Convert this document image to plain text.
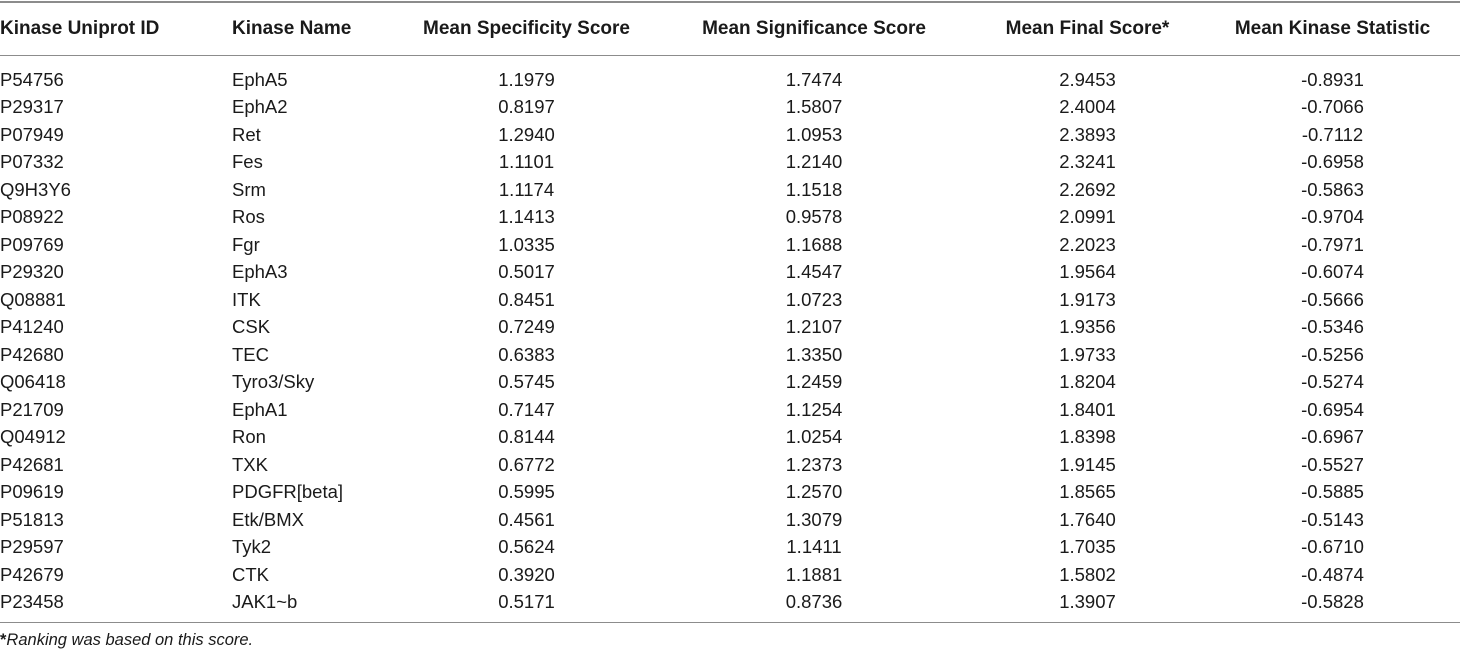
Kinase Uniprot ID	Kinase Name	Mean Specificity Score	Mean Significance Score	Mean Final Score*	Mean Kinase Statistic

P54756	EphA5	1.1979	1.7474	2.9453	-0.8931
P29317	EphA2	0.8197	1.5807	2.4004	-0.7066
P07949	Ret	1.2940	1.0953	2.3893	-0.7112
P07332	Fes	1.1101	1.2140	2.3241	-0.6958
Q9H3Y6	Srm	1.1174	1.1518	2.2692	-0.5863
P08922	Ros	1.1413	0.9578	2.0991	-0.9704
P09769	Fgr	1.0335	1.1688	2.2023	-0.7971
P29320	EphA3	0.5017	1.4547	1.9564	-0.6074
Q08881	ITK	0.8451	1.0723	1.9173	-0.5666
P41240	CSK	0.7249	1.2107	1.9356	-0.5346
P42680	TEC	0.6383	1.3350	1.9733	-0.5256
Q06418	Tyro3/Sky	0.5745	1.2459	1.8204	-0.5274
P21709	EphA1	0.7147	1.1254	1.8401	-0.6954
Q04912	Ron	0.8144	1.0254	1.8398	-0.6967
P42681	TXK	0.6772	1.2373	1.9145	-0.5527
P09619	PDGFR[beta]	0.5995	1.2570	1.8565	-0.5885
P51813	Etk/BMX	0.4561	1.3079	1.7640	-0.5143
P29597	Tyk2	0.5624	1.1411	1.7035	-0.6710
P42679	CTK	0.3920	1.1881	1.5802	-0.4874
P23458	JAK1~b	0.5171	0.8736	1.3907	-0.5828
*Ranking was based on this score.
